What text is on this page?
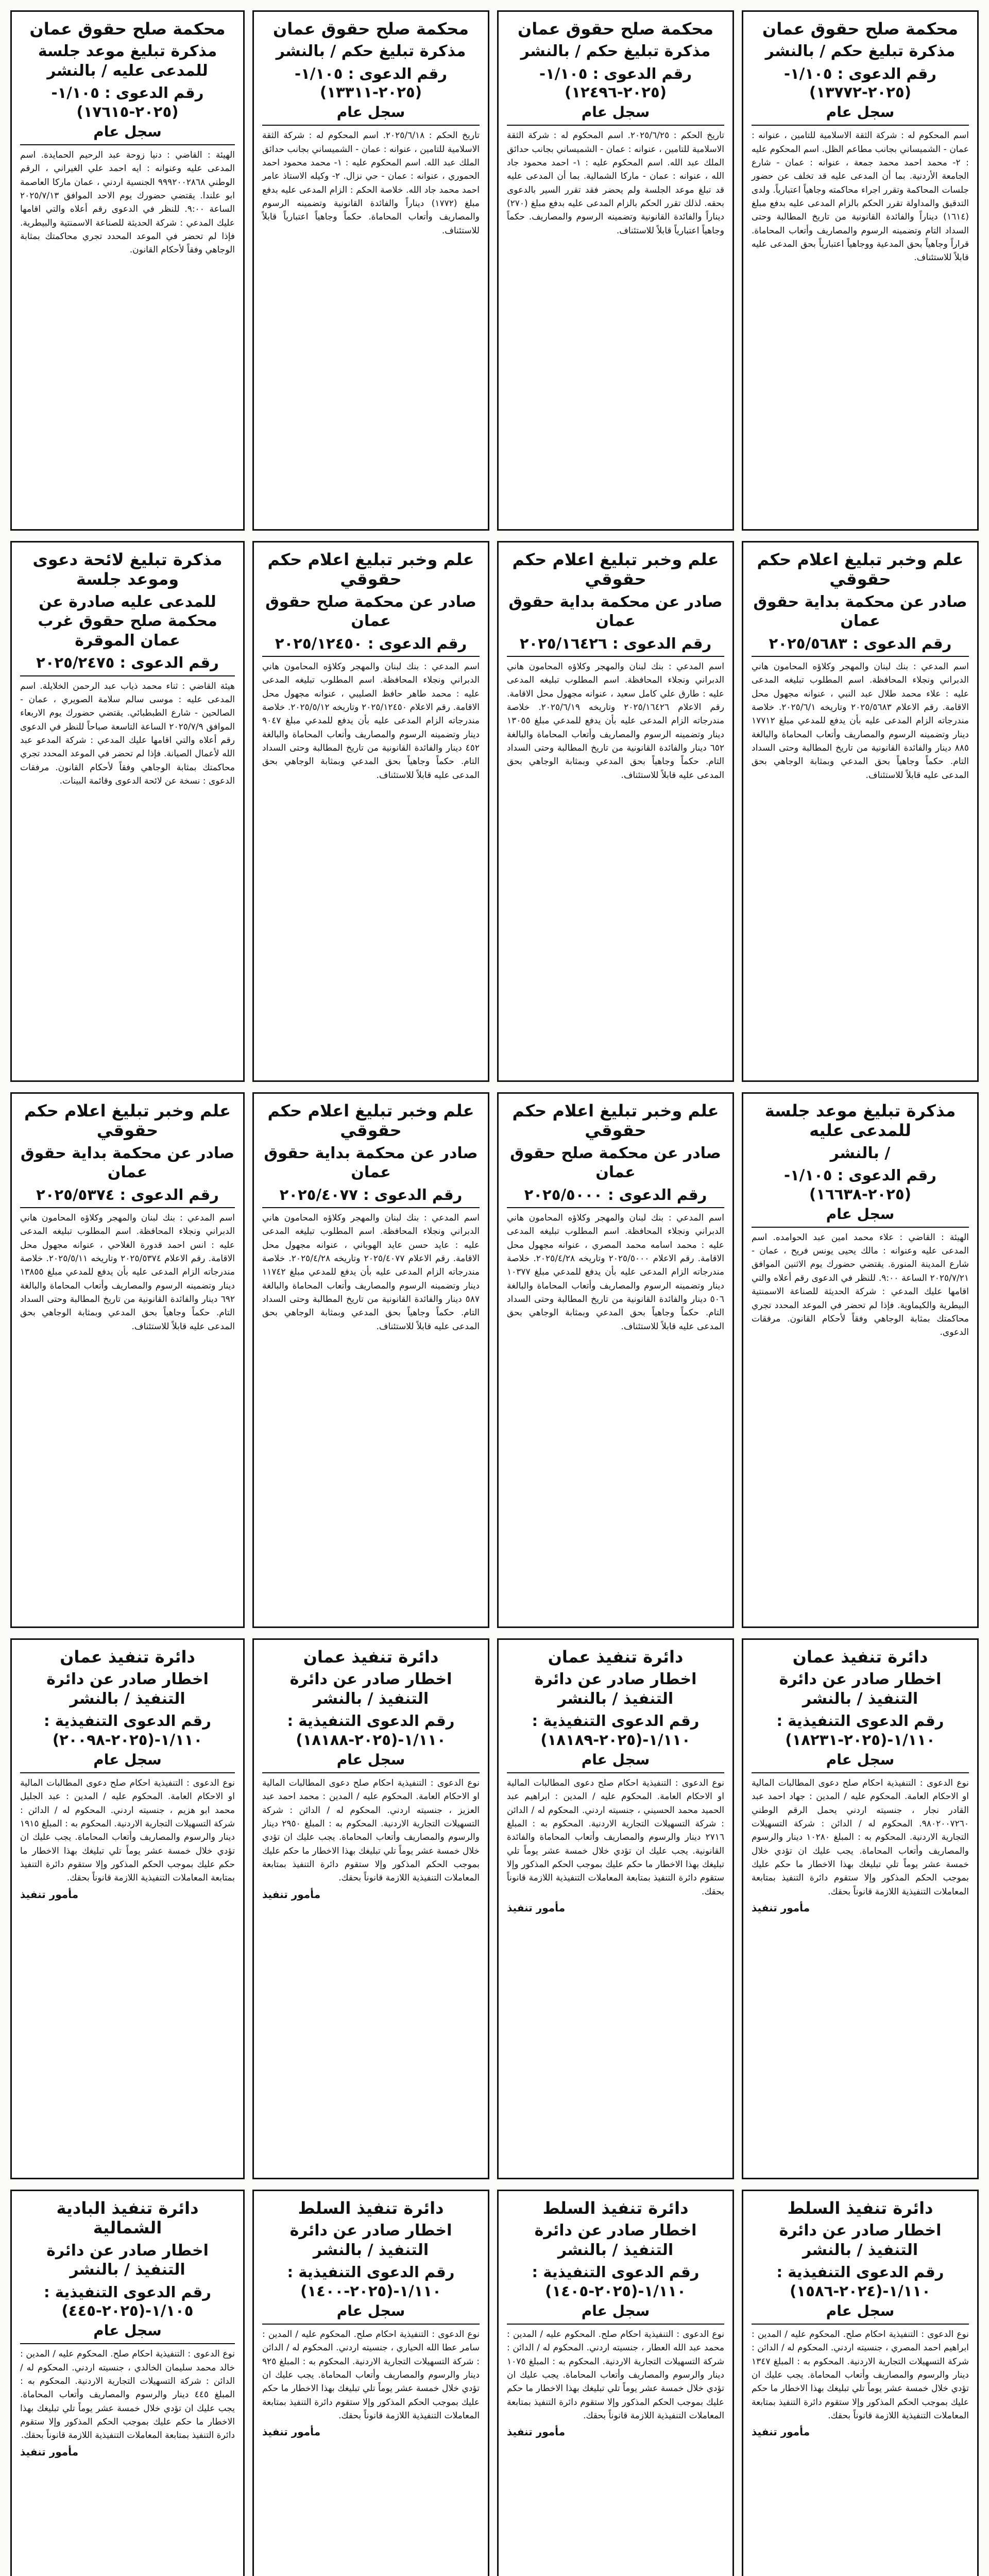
محكمة صلح حقوق عمان
مذكرة تبليغ حكم / بالنشر
رقم الدعوى : ١/١٠٥-(٢٠٢٥-١٣٧٧٢)
سجل عام
اسم المحكوم له : شركة الثقة الاسلامية للتامين ، عنوانه : عمان - الشميساني بجانب مطاعم الظل. اسم المحكوم عليه : ٢- محمد احمد محمد جمعة ، عنوانه : عمان - شارع الجامعة الأردنية. بما أن المدعى عليه قد تخلف عن حضور جلسات المحاكمة وتقرر اجراء محاكمته وجاهياً اعتبارياً. ولدى التدقيق والمداولة تقرر الحكم بالزام المدعى عليه بدفع مبلغ (١٦١٤) ديناراً والفائدة القانونية من تاريخ المطالبة وحتى السداد التام وتضمينه الرسوم والمصاريف وأتعاب المحاماة. قراراً وجاهياً بحق المدعية ووجاهياً اعتبارياً بحق المدعى عليه قابلاً للاستئناف.
محكمة صلح حقوق عمان
مذكرة تبليغ حكم / بالنشر
رقم الدعوى : ١/١٠٥-(٢٠٢٥-١٢٤٩٦)
سجل عام
تاريخ الحكم : ٢٠٢٥/٦/٢٥. اسم المحكوم له : شركة الثقة الاسلامية للتامين ، عنوانه : عمان - الشميساني بجانب حدائق الملك عبد الله. اسم المحكوم عليه : ١- احمد محمود جاد الله ، عنوانه : عمان - ماركا الشمالية. بما أن المدعى عليه قد تبلغ موعد الجلسة ولم يحضر فقد تقرر السير بالدعوى بحقه. لذلك تقرر الحكم بالزام المدعى عليه بدفع مبلغ (٢٧٠) ديناراً والفائدة القانونية وتضمينه الرسوم والمصاريف. حكماً وجاهياً اعتبارياً قابلاً للاستئناف.
محكمة صلح حقوق عمان
مذكرة تبليغ حكم / بالنشر
رقم الدعوى : ١/١٠٥-(٢٠٢٥-١٣٣١١)
سجل عام
تاريخ الحكم : ٢٠٢٥/٦/١٨. اسم المحكوم له : شركة الثقة الاسلامية للتامين ، عنوانه : عمان - الشميساني بجانب حدائق الملك عبد الله. اسم المحكوم عليه : ١- محمد محمود احمد الحموري ، عنوانه : عمان - حي نزال. ٢- وكيله الاستاذ عامر احمد محمد جاد الله. خلاصة الحكم : الزام المدعى عليه بدفع مبلغ (١٧٧٢) ديناراً والفائدة القانونية وتضمينه الرسوم والمصاريف وأتعاب المحاماة. حكماً وجاهياً اعتبارياً قابلاً للاستئناف.
محكمة صلح حقوق عمان
مذكرة تبليغ موعد جلسة للمدعى عليه / بالنشر
رقم الدعوى : ١/١٠٥-(٢٠٢٥-١٧٦١٥)
سجل عام
الهيئة : القاضي : دنيا زوحة عبد الرحيم الحمايدة. اسم المدعى عليه وعنوانه : ايه احمد علي الغيراني ، الرقم الوطني ٩٩٩٢٠٠٢٨٦٨ الجنسية اردني ، عمان ماركا العاصمة ابو علندا. يقتضي حضورك يوم الاحد الموافق ٢٠٢٥/٧/١٣ الساعة ٩:٠٠. للنظر في الدعوى رقم أعلاه والتي اقامها عليك المدعي : شركة الحديثة للصناعة الاسمنتية والبيطرية. فإذا لم تحضر في الموعد المحدد تجري محاكمتك بمثابة الوجاهي وفقاً لأحكام القانون.
علم وخبر تبليغ اعلام حكم حقوقي
صادر عن محكمة بداية حقوق عمان
رقم الدعوى : ٢٠٢٥/٥٦٨٣
اسم المدعي : بنك لبنان والمهجر وكلاؤه المحامون هاني الدبراني ونجلاء المحافظة. اسم المطلوب تبليغه المدعى عليه : علاء محمد طلال عبد النبي ، عنوانه مجهول محل الاقامة. رقم الاعلام ٢٠٢٥/٥٦٨٣ وتاريخه ٢٠٢٥/٦/١. خلاصة مندرجاته الزام المدعى عليه بأن يدفع للمدعي مبلغ ١٧٧١٢ دينار وتضمينه الرسوم والمصاريف وأتعاب المحاماة والبالغة ٨٨٥ دينار والفائدة القانونية من تاريخ المطالبة وحتى السداد التام. حكماً وجاهياً بحق المدعي وبمثابة الوجاهي بحق المدعى عليه قابلاً للاستئناف.
علم وخبر تبليغ اعلام حكم حقوقي
صادر عن محكمة بداية حقوق عمان
رقم الدعوى : ٢٠٢٥/١٦٤٢٦
اسم المدعي : بنك لبنان والمهجر وكلاؤه المحامون هاني الدبراني ونجلاء المحافظة. اسم المطلوب تبليغه المدعى عليه : طارق علي كامل سعيد ، عنوانه مجهول محل الاقامة. رقم الاعلام ٢٠٢٥/١٦٤٢٦ وتاريخه ٢٠٢٥/٦/١٩. خلاصة مندرجاته الزام المدعى عليه بأن يدفع للمدعي مبلغ ١٣٠٥٥ دينار وتضمينه الرسوم والمصاريف وأتعاب المحاماة والبالغة ٦٥٢ دينار والفائدة القانونية من تاريخ المطالبة وحتى السداد التام. حكماً وجاهياً بحق المدعي وبمثابة الوجاهي بحق المدعى عليه قابلاً للاستئناف.
علم وخبر تبليغ اعلام حكم حقوقي
صادر عن محكمة صلح حقوق عمان
رقم الدعوى : ٢٠٢٥/١٢٤٥٠
اسم المدعي : بنك لبنان والمهجر وكلاؤه المحامون هاني الدبراني ونجلاء المحافظة. اسم المطلوب تبليغه المدعى عليه : محمد طاهر حافظ الصليبي ، عنوانه مجهول محل الاقامة. رقم الاعلام ٢٠٢٥/١٢٤٥٠ وتاريخه ٢٠٢٥/٥/١٢. خلاصة مندرجاته الزام المدعى عليه بأن يدفع للمدعي مبلغ ٩٠٤٧ دينار وتضمينه الرسوم والمصاريف وأتعاب المحاماة والبالغة ٤٥٢ دينار والفائدة القانونية من تاريخ المطالبة وحتى السداد التام. حكماً وجاهياً بحق المدعي وبمثابة الوجاهي بحق المدعى عليه قابلاً للاستئناف.
مذكرة تبليغ لائحة دعوى وموعد جلسة
للمدعى عليه صادرة عن محكمة صلح حقوق غرب عمان الموقرة
رقم الدعوى : ٢٠٢٥/٢٤٧٥
هيئة القاضي : ثناء محمد ذياب عبد الرحمن الخلايلة. اسم المدعى عليه : موسى سالم سلامة الصويري ، عمان - الصالحين - شارع الطبطبائي. يقتضي حضورك يوم الاربعاء الموافق ٢٠٢٥/٧/٩ الساعة التاسعة صباحاً للنظر في الدعوى رقم أعلاه والتي اقامها عليك المدعي : شركة المدعو عبد الله لأعمال الصيانة. فإذا لم تحضر في الموعد المحدد تجري محاكمتك بمثابة الوجاهي وفقاً لأحكام القانون. مرفقات الدعوى : نسخة عن لائحة الدعوى وقائمة البينات.
مذكرة تبليغ موعد جلسة للمدعى عليه
/ بالنشر
رقم الدعوى : ١/١٠٥-(٢٠٢٥-١٦٦٣٨)
سجل عام
الهيئة : القاضي : علاء محمد امين عبد الحوامده. اسم المدعى عليه وعنوانه : مالك يحيى يونس فريح ، عمان - شارع المدينة المنورة. يقتضي حضورك يوم الاثنين الموافق ٢٠٢٥/٧/٢١ الساعة ٩:٠٠. للنظر في الدعوى رقم أعلاه والتي اقامها عليك المدعي : شركة الحديثة للصناعة الاسمنتية البيطرية والكيماوية. فإذا لم تحضر في الموعد المحدد تجري محاكمتك بمثابة الوجاهي وفقاً لأحكام القانون. مرفقات الدعوى.
علم وخبر تبليغ اعلام حكم حقوقي
صادر عن محكمة صلح حقوق عمان
رقم الدعوى : ٢٠٢٥/٥٠٠٠
اسم المدعي : بنك لبنان والمهجر وكلاؤه المحامون هاني الدبراني ونجلاء المحافظة. اسم المطلوب تبليغه المدعى عليه : محمد اسامه محمد المصري ، عنوانه مجهول محل الاقامة. رقم الاعلام ٢٠٢٥/٥٠٠٠ وتاريخه ٢٠٢٥/٤/٢٨. خلاصة مندرجاته الزام المدعى عليه بأن يدفع للمدعي مبلغ ١٠٣٧٧ دينار وتضمينه الرسوم والمصاريف وأتعاب المحاماة والبالغة ٥٠٦ دينار والفائدة القانونية من تاريخ المطالبة وحتى السداد التام. حكماً وجاهياً بحق المدعي وبمثابة الوجاهي بحق المدعى عليه قابلاً للاستئناف.
علم وخبر تبليغ اعلام حكم حقوقي
صادر عن محكمة بداية حقوق عمان
رقم الدعوى : ٢٠٢٥/٤٠٧٧
اسم المدعي : بنك لبنان والمهجر وكلاؤه المحامون هاني الدبراني ونجلاء المحافظة. اسم المطلوب تبليغه المدعى عليه : عايد حسن عايد الهوباني ، عنوانه مجهول محل الاقامة. رقم الاعلام ٢٠٢٥/٤٠٧٧ وتاريخه ٢٠٢٥/٤/٢٨. خلاصة مندرجاته الزام المدعى عليه بأن يدفع للمدعي مبلغ ١١٧٤٢ دينار وتضمينه الرسوم والمصاريف وأتعاب المحاماة والبالغة ٥٨٧ دينار والفائدة القانونية من تاريخ المطالبة وحتى السداد التام. حكماً وجاهياً بحق المدعي وبمثابة الوجاهي بحق المدعى عليه قابلاً للاستئناف.
علم وخبر تبليغ اعلام حكم حقوقي
صادر عن محكمة بداية حقوق عمان
رقم الدعوى : ٢٠٢٥/٥٣٧٤
اسم المدعي : بنك لبنان والمهجر وكلاؤه المحامون هاني الدبراني ونجلاء المحافظة. اسم المطلوب تبليغه المدعى عليه : انس احمد قدورة الغلاحي ، عنوانه مجهول محل الاقامة. رقم الاعلام ٢٠٢٥/٥٣٧٤ وتاريخه ٢٠٢٥/٥/١١. خلاصة مندرجاته الزام المدعى عليه بأن يدفع للمدعي مبلغ ١٣٨٥٥ دينار وتضمينه الرسوم والمصاريف وأتعاب المحاماة والبالغة ٦٩٢ دينار والفائدة القانونية من تاريخ المطالبة وحتى السداد التام. حكماً وجاهياً بحق المدعي وبمثابة الوجاهي بحق المدعى عليه قابلاً للاستئناف.
دائرة تنفيذ عمان
اخطار صادر عن دائرة التنفيذ / بالنشر
رقم الدعوى التنفيذية : ١/١١٠-(٢٠٢٥-١٨٢٣١)
سجل عام
نوع الدعوى : التنفيذية احكام صلح دعوى المطالبات المالية او الاحكام العامة. المحكوم عليه / المدين : جهاد احمد عبد القادر نجار ، جنسيته اردني يحمل الرقم الوطني ٩٨٠٢٠٠٧٢٦٠. المحكوم له / الدائن : شركة التسهيلات التجارية الاردنية. المحكوم به : المبلغ ١٠٢٨٠ دينار والرسوم والمصاريف وأتعاب المحاماة. يجب عليك ان تؤدي خلال خمسة عشر يوماً تلي تبليغك بهذا الاخطار ما حكم عليك بموجب الحكم المذكور وإلا ستقوم دائرة التنفيذ بمتابعة المعاملات التنفيذية اللازمة قانوناً بحقك.
مأمور تنفيذ
دائرة تنفيذ عمان
اخطار صادر عن دائرة التنفيذ / بالنشر
رقم الدعوى التنفيذية : ١/١١٠-(٢٠٢٥-١٨١٨٩)
سجل عام
نوع الدعوى : التنفيذية احكام صلح دعوى المطالبات المالية او الاحكام العامة. المحكوم عليه / المدين : ابراهيم عبد الحميد محمد الحسيني ، جنسيته اردني. المحكوم له / الدائن : شركة التسهيلات التجارية الاردنية. المحكوم به : المبلغ ٢٧١٦ دينار والرسوم والمصاريف وأتعاب المحاماة والفائدة القانونية. يجب عليك ان تؤدي خلال خمسة عشر يوماً تلي تبليغك بهذا الاخطار ما حكم عليك بموجب الحكم المذكور وإلا ستقوم دائرة التنفيذ بمتابعة المعاملات التنفيذية اللازمة قانوناً بحقك.
مأمور تنفيذ
دائرة تنفيذ عمان
اخطار صادر عن دائرة التنفيذ / بالنشر
رقم الدعوى التنفيذية : ١/١١٠-(٢٠٢٥-١٨١٨٨)
سجل عام
نوع الدعوى : التنفيذية احكام صلح دعوى المطالبات المالية او الاحكام العامة. المحكوم عليه / المدين : محمد احمد عبد العزيز ، جنسيته اردني. المحكوم له / الدائن : شركة التسهيلات التجارية الاردنية. المحكوم به : المبلغ ٢٩٥٠ دينار والرسوم والمصاريف وأتعاب المحاماة. يجب عليك ان تؤدي خلال خمسة عشر يوماً تلي تبليغك بهذا الاخطار ما حكم عليك بموجب الحكم المذكور وإلا ستقوم دائرة التنفيذ بمتابعة المعاملات التنفيذية اللازمة قانوناً بحقك.
مأمور تنفيذ
دائرة تنفيذ عمان
اخطار صادر عن دائرة التنفيذ / بالنشر
رقم الدعوى التنفيذية : ١/١١٠-(٢٠٢٥-٢٠٠٩٨)
سجل عام
نوع الدعوى : التنفيذية احكام صلح دعوى المطالبات المالية او الاحكام العامة. المحكوم عليه / المدين : عبد الجليل محمد ابو هزيم ، جنسيته اردني. المحكوم له / الدائن : شركة التسهيلات التجارية الاردنية. المحكوم به : المبلغ ١٩١٥ دينار والرسوم والمصاريف وأتعاب المحاماة. يجب عليك ان تؤدي خلال خمسة عشر يوماً تلي تبليغك بهذا الاخطار ما حكم عليك بموجب الحكم المذكور وإلا ستقوم دائرة التنفيذ بمتابعة المعاملات التنفيذية اللازمة قانوناً بحقك.
مأمور تنفيذ
دائرة تنفيذ السلط
اخطار صادر عن دائرة التنفيذ / بالنشر
رقم الدعوى التنفيذية : ١/١١٠-(٢٠٢٤-١٥٨٦)
سجل عام
نوع الدعوى : التنفيذية احكام صلح. المحكوم عليه / المدين : ابراهيم احمد المصري ، جنسيته اردني. المحكوم له / الدائن : شركة التسهيلات التجارية الاردنية. المحكوم به : المبلغ ١٣٤٧ دينار والرسوم والمصاريف وأتعاب المحاماة. يجب عليك ان تؤدي خلال خمسة عشر يوماً تلي تبليغك بهذا الاخطار ما حكم عليك بموجب الحكم المذكور وإلا ستقوم دائرة التنفيذ بمتابعة المعاملات التنفيذية اللازمة قانوناً بحقك.
مأمور تنفيذ
دائرة تنفيذ السلط
اخطار صادر عن دائرة التنفيذ / بالنشر
رقم الدعوى التنفيذية : ١/١١٠-(٢٠٢٥-١٤٠٥)
سجل عام
نوع الدعوى : التنفيذية احكام صلح. المحكوم عليه / المدين : محمد عبد الله العطار ، جنسيته اردني. المحكوم له / الدائن : شركة التسهيلات التجارية الاردنية. المحكوم به : المبلغ ١٠٧٥ دينار والرسوم والمصاريف وأتعاب المحاماة. يجب عليك ان تؤدي خلال خمسة عشر يوماً تلي تبليغك بهذا الاخطار ما حكم عليك بموجب الحكم المذكور وإلا ستقوم دائرة التنفيذ بمتابعة المعاملات التنفيذية اللازمة قانوناً بحقك.
مأمور تنفيذ
دائرة تنفيذ السلط
اخطار صادر عن دائرة التنفيذ / بالنشر
رقم الدعوى التنفيذية : ١/١١٠-(٢٠٢٥-١٤٠٠)
سجل عام
نوع الدعوى : التنفيذية احكام صلح. المحكوم عليه / المدين : سامر عطا الله الحياري ، جنسيته اردني. المحكوم له / الدائن : شركة التسهيلات التجارية الاردنية. المحكوم به : المبلغ ٩٢٥ دينار والرسوم والمصاريف وأتعاب المحاماة. يجب عليك ان تؤدي خلال خمسة عشر يوماً تلي تبليغك بهذا الاخطار ما حكم عليك بموجب الحكم المذكور وإلا ستقوم دائرة التنفيذ بمتابعة المعاملات التنفيذية اللازمة قانوناً بحقك.
مأمور تنفيذ
دائرة تنفيذ البادية الشمالية
اخطار صادر عن دائرة التنفيذ / بالنشر
رقم الدعوى التنفيذية : ١/١٠٥-(٢٠٢٥-٤٤٥)
سجل عام
نوع الدعوى : التنفيذية احكام صلح. المحكوم عليه / المدين : خالد محمد سليمان الخالدي ، جنسيته اردني. المحكوم له / الدائن : شركة التسهيلات التجارية الاردنية. المحكوم به : المبلغ ٤٤٥ دينار والرسوم والمصاريف وأتعاب المحاماة. يجب عليك ان تؤدي خلال خمسة عشر يوماً تلي تبليغك بهذا الاخطار ما حكم عليك بموجب الحكم المذكور وإلا ستقوم دائرة التنفيذ بمتابعة المعاملات التنفيذية اللازمة قانوناً بحقك.
مأمور تنفيذ
